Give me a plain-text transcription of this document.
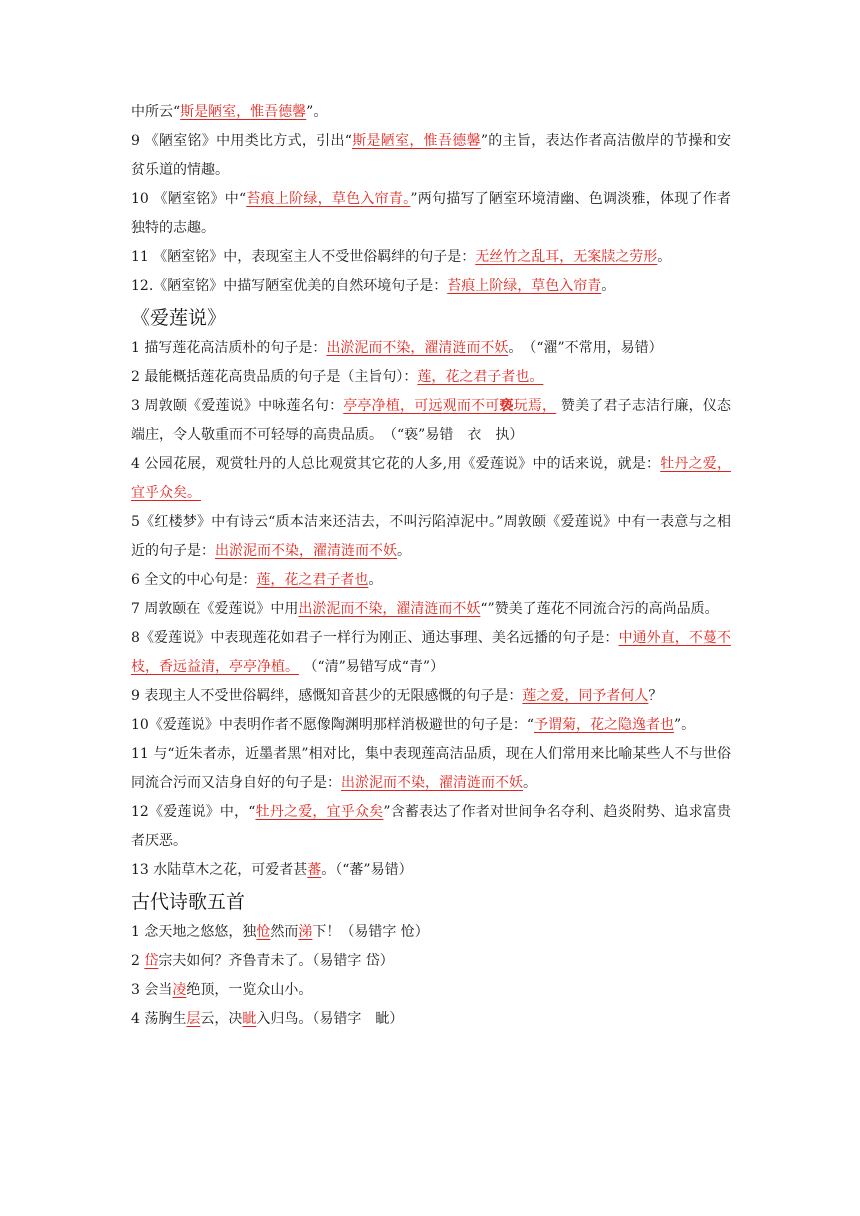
中所云“斯是陋室，惟吾德馨”。

9 《陋室铭》中用类比方式，引出“斯是陋室，惟吾德馨”的主旨，表达作者高洁傲岸的节操和安贫乐道的情趣。

10 《陋室铭》中“苔痕上阶绿，草色入帘青。”两句描写了陋室环境清幽、色调淡雅，体现了作者独特的志趣。

11 《陋室铭》中，表现室主人不受世俗羁绊的句子是：无丝竹之乱耳，无案牍之劳形。

12.《陋室铭》中描写陋室优美的自然环境句子是：苔痕上阶绿，草色入帘青。

《爱莲说》

1 描写莲花高洁质朴的句子是：出淤泥而不染，濯清涟而不妖。　（“濯”不常用，易错）

2 最能概括莲花高贵品质的句子是（主旨句）：莲，花之君子者也。

3 周敦颐《爱莲说》中咏莲名句：亭亭净植，可远观而不可亵玩焉， 赞美了君子志洁行廉，仪态端庄，令人敬重而不可轻辱的高贵品质。　（“亵”易错　衣　执）

4 公园花展，观赏牡丹的人总比观赏其它花的人多,用《爱莲说》中的话来说，就是：牡丹之爱，宜乎众矣。

5《红楼梦》中有诗云“质本洁来还洁去，不叫污陷淖泥中。”周敦颐《爱莲说》中有一表意与之相近的句子是：出淤泥而不染，濯清涟而不妖。

6 全文的中心句是：莲，花之君子者也。

7 周敦颐在《爱莲说》中用出淤泥而不染，濯清涟而不妖“”赞美了莲花不同流合污的高尚品质。

8《爱莲说》中表现莲花如君子一样行为刚正、通达事理、美名远播的句子是：中通外直，不蔓不枝，香远益清，亭亭净植。 （“清”易错写成“青”）

9 表现主人不受世俗羁绊，感慨知音甚少的无限感慨的句子是：莲之爱，同予者何人？

10《爱莲说》中表明作者不愿像陶渊明那样消极避世的句子是：“予谓菊，花之隐逸者也”。

11 与“近朱者赤，近墨者黑”相对比，集中表现莲高洁品质，现在人们常用来比喻某些人不与世俗同流合污而又洁身自好的句子是：出淤泥而不染，濯清涟而不妖。

12《爱莲说》中，“牡丹之爱，宜乎众矣”含蓄表达了作者对世间争名夺利、趋炎附势、追求富贵者厌恶。

13 水陆草木之花，可爱者甚蕃。（“蕃”易错）

古代诗歌五首

1 念天地之悠悠，独怆然而涕下！（易错字 怆）

2 岱宗夫如何？齐鲁青未了。（易错字 岱）

3 会当凌绝顶，一览众山小。

4 荡胸生层云，决眦入归鸟。（易错字　眦）
